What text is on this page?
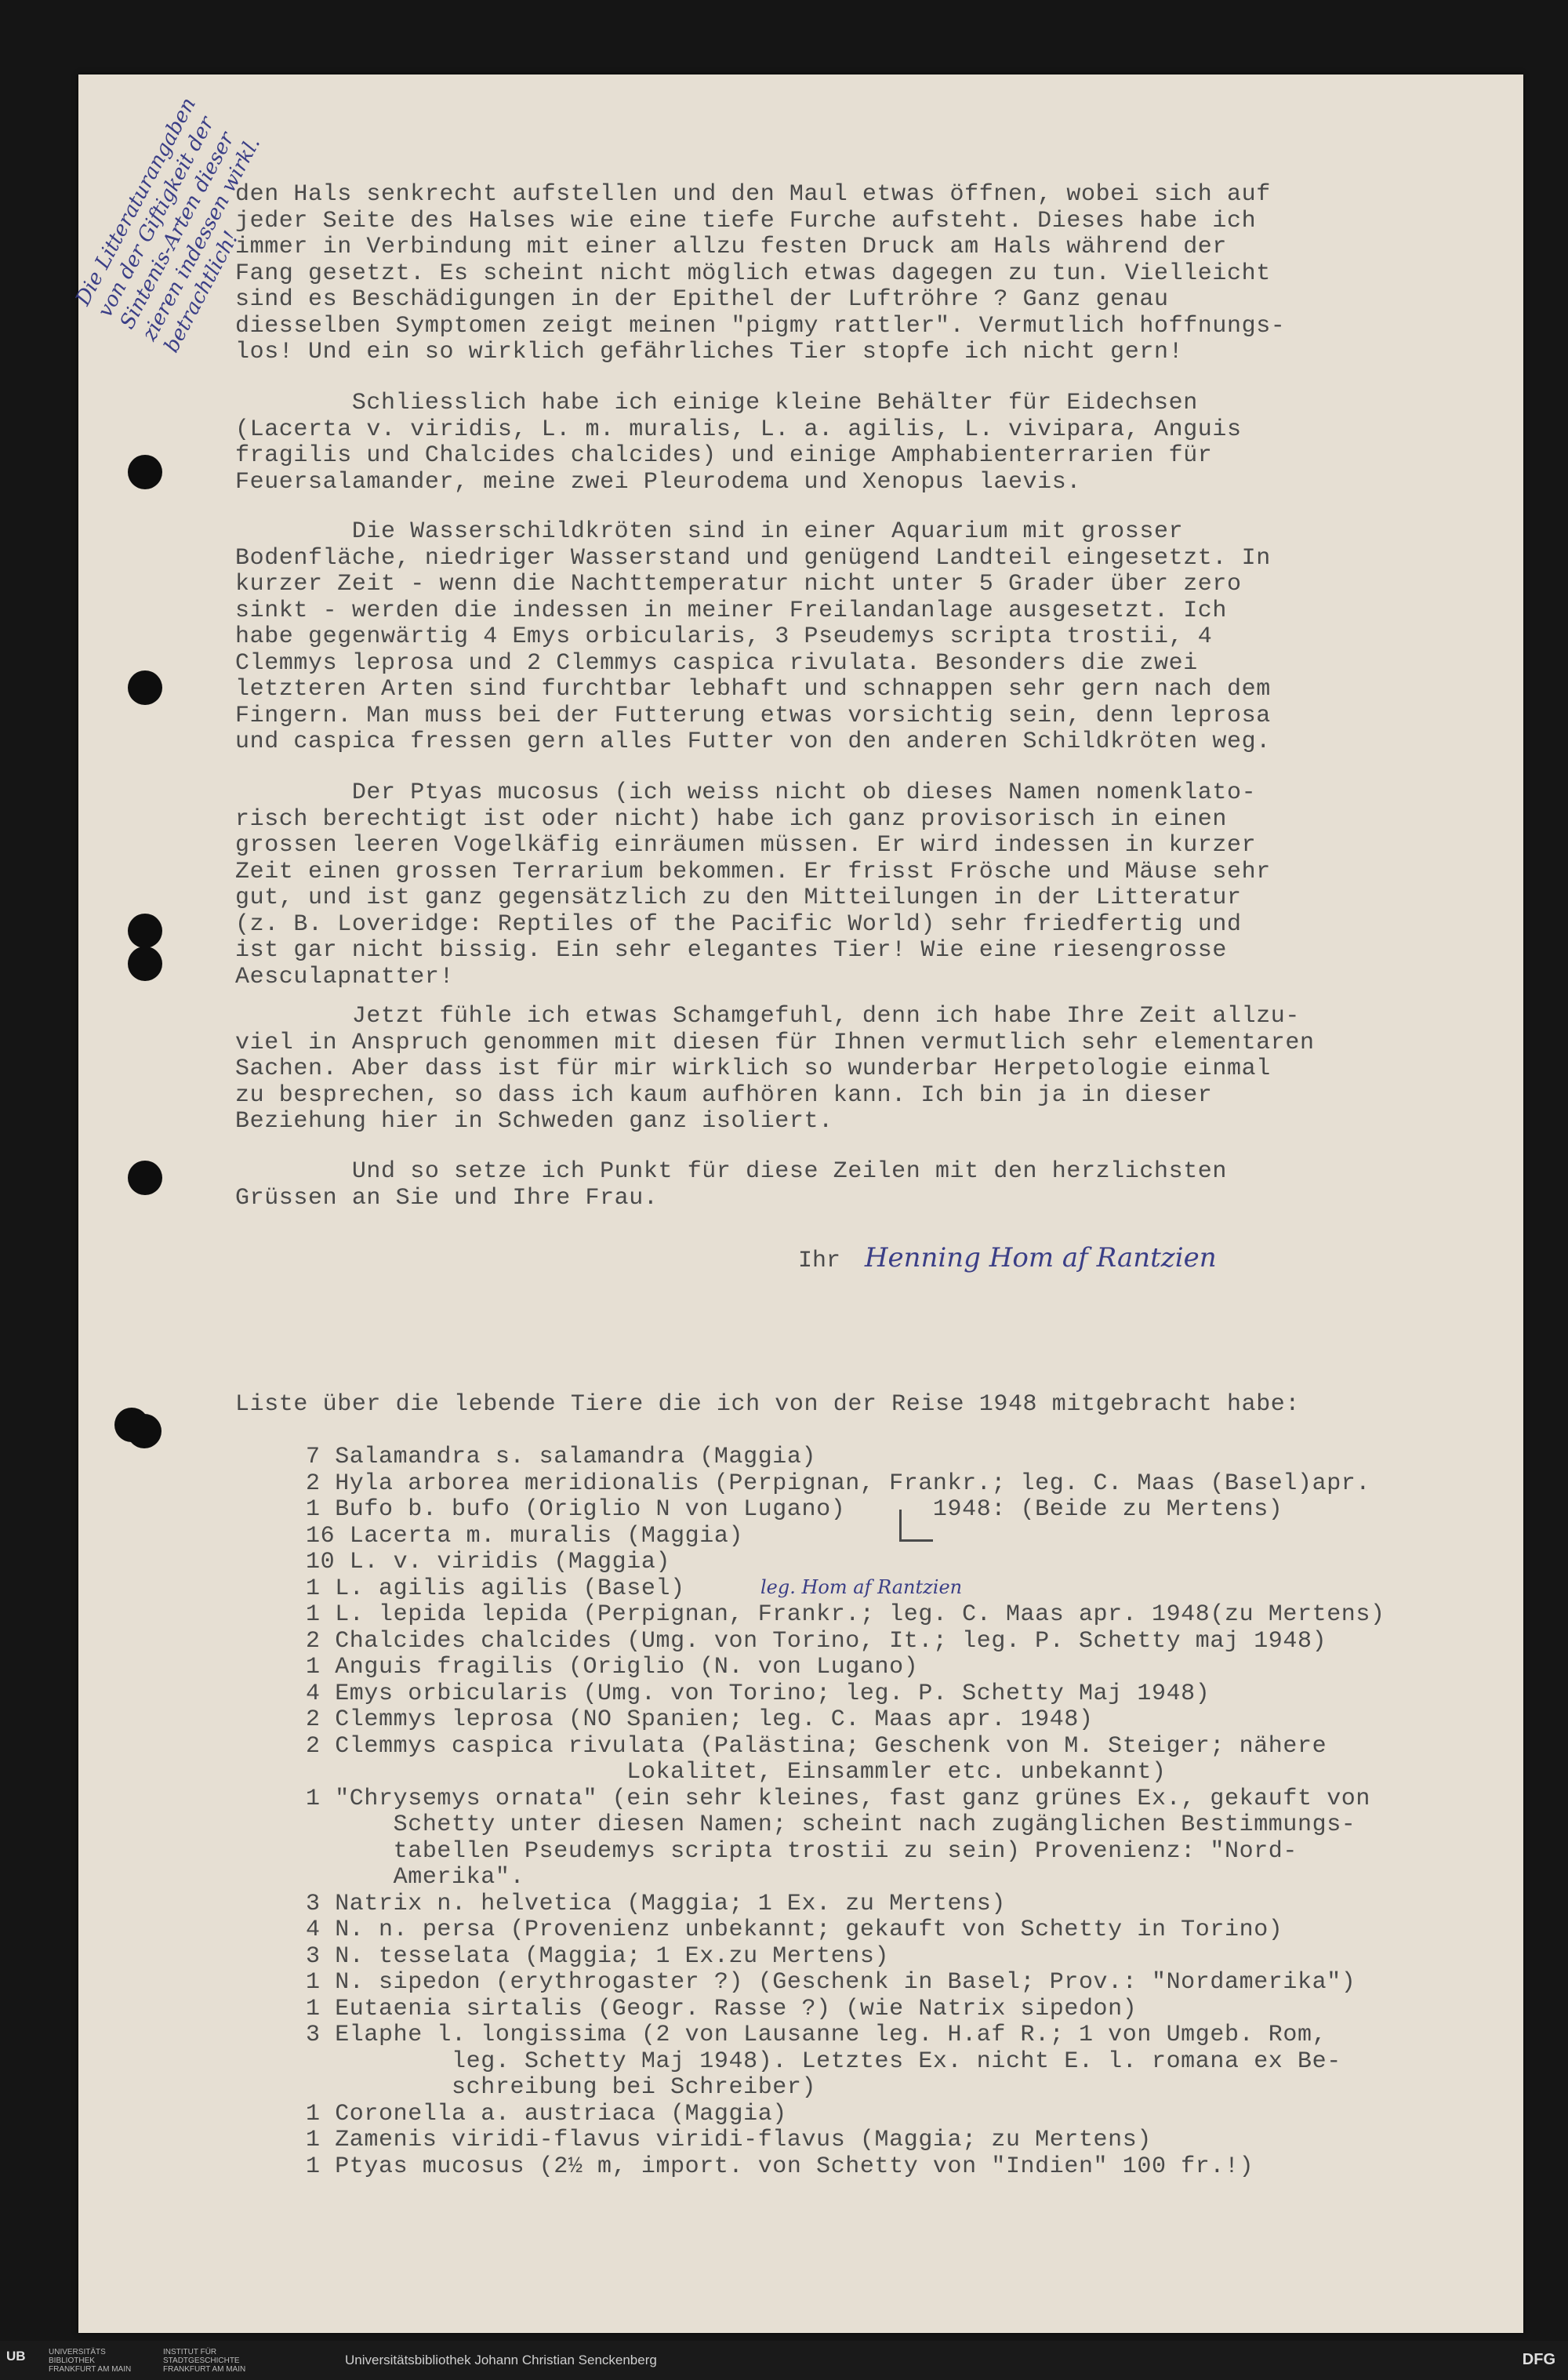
Die Litteraturangaben
von der Giftigkeit der
Sintenis-Arten dieser
zieren indessen wirkl.
betrachtlich!
den Hals senkrecht aufstellen und den Maul etwas öffnen, wobei sich auf
jeder Seite des Halses wie eine tiefe Furche aufsteht. Dieses habe ich
immer in Verbindung mit einer allzu festen Druck am Hals während der
Fang gesetzt. Es scheint nicht möglich etwas dagegen zu tun. Vielleicht
sind es Beschädigungen in der Epithel der Luftröhre ? Ganz genau
diesselben Symptomen zeigt meinen "pigmy rattler". Vermutlich hoffnungs-
los! Und ein so wirklich gefährliches Tier stopfe ich nicht gern!
Schliesslich habe ich einige kleine Behälter für Eidechsen
(Lacerta v. viridis, L. m. muralis, L. a. agilis, L. vivipara, Anguis
fragilis und Chalcides chalcides) und einige Amphabienterrarien für
Feuersalamander, meine zwei Pleurodema und Xenopus laevis.
Die Wasserschildkröten sind in einer Aquarium mit grosser
Bodenfläche, niedriger Wasserstand und genügend Landteil eingesetzt. In
kurzer Zeit - wenn die Nachttemperatur nicht unter 5 Grader über zero
sinkt - werden die indessen in meiner Freilandanlage ausgesetzt. Ich
habe gegenwärtig 4 Emys orbicularis, 3 Pseudemys scripta trostii, 4
Clemmys leprosa und 2 Clemmys caspica rivulata. Besonders die zwei
letzteren Arten sind furchtbar lebhaft und schnappen sehr gern nach dem
Fingern. Man muss bei der Futterung etwas vorsichtig sein, denn leprosa
und caspica fressen gern alles Futter von den anderen Schildkröten weg.
Der Ptyas mucosus (ich weiss nicht ob dieses Namen nomenklato-
risch berechtigt ist oder nicht) habe ich ganz provisorisch in einen
grossen leeren Vogelkäfig einräumen müssen. Er wird indessen in kurzer
Zeit einen grossen Terrarium bekommen. Er frisst Frösche und Mäuse sehr
gut, und ist ganz gegensätzlich zu den Mitteilungen in der Litteratur
(z. B. Loveridge: Reptiles of the Pacific World) sehr friedfertig und
ist gar nicht bissig. Ein sehr elegantes Tier! Wie eine riesengrosse
Aesculapnatter!
Jetzt fühle ich etwas Schamgefuhl, denn ich habe Ihre Zeit allzu-
viel in Anspruch genommen mit diesen für Ihnen vermutlich sehr elementaren
Sachen. Aber dass ist für mir wirklich so wunderbar Herpetologie einmal
zu besprechen, so dass ich kaum aufhören kann. Ich bin ja in dieser
Beziehung hier in Schweden ganz isoliert.
Und so setze ich Punkt für diese Zeilen mit den herzlichsten
Grüssen an Sie und Ihre Frau.
Ihr Henning Hom af Rantzien
Liste über die lebende Tiere die ich von der Reise 1948 mitgebracht habe:
7 Salamandra s. salamandra (Maggia)
2 Hyla arborea meridionalis (Perpignan, Frankr.; leg. C. Maas (Basel)apr.
1 Bufo b. bufo (Origlio N von Lugano)      1948: (Beide zu Mertens)
16 Lacerta m. muralis (Maggia)
10 L. v. viridis (Maggia)
1 L. agilis agilis (Basel)
1 L. lepida lepida (Perpignan, Frankr.; leg. C. Maas apr. 1948(zu Mertens)
2 Chalcides chalcides (Umg. von Torino, It.; leg. P. Schetty maj 1948)
1 Anguis fragilis (Origlio (N. von Lugano)
4 Emys orbicularis (Umg. von Torino; leg. P. Schetty Maj 1948)
2 Clemmys leprosa (NO Spanien; leg. C. Maas apr. 1948)
2 Clemmys caspica rivulata (Palästina; Geschenk von M. Steiger; nähere
Lokalitet, Einsammler etc. unbekannt)
1 "Chrysemys ornata" (ein sehr kleines, fast ganz grünes Ex., gekauft von
Schetty unter diesen Namen; scheint nach zugänglichen Bestimmungs-
tabellen Pseudemys scripta trostii zu sein) Provenienz: "Nord-
Amerika".
3 Natrix n. helvetica (Maggia; 1 Ex. zu Mertens)
4 N. n. persa (Provenienz unbekannt; gekauft von Schetty in Torino)
3 N. tesselata (Maggia; 1 Ex.zu Mertens)
1 N. sipedon (erythrogaster ?) (Geschenk in Basel; Prov.: "Nordamerika")
1 Eutaenia sirtalis (Geogr. Rasse ?) (wie Natrix sipedon)
3 Elaphe l. longissima (2 von Lausanne leg. H.af R.; 1 von Umgeb. Rom,
leg. Schetty Maj 1948). Letztes Ex. nicht E. l. romana ex Be-
schreibung bei Schreiber)
1 Coronella a. austriaca (Maggia)
1 Zamenis viridi-flavus viridi-flavus (Maggia; zu Mertens)
1 Ptyas mucosus (2½ m, import. von Schetty von "Indien" 100 fr.!)
leg. Hom af Rantzien
UB	UNIVERSITÄTS
BIBLIOTHEK
FRANKFURT AM MAIN
INSTITUT FÜR
STADTGESCHICHTE
FRANKFURT AM MAIN
Universitätsbibliothek Johann Christian Senckenberg	DFG
